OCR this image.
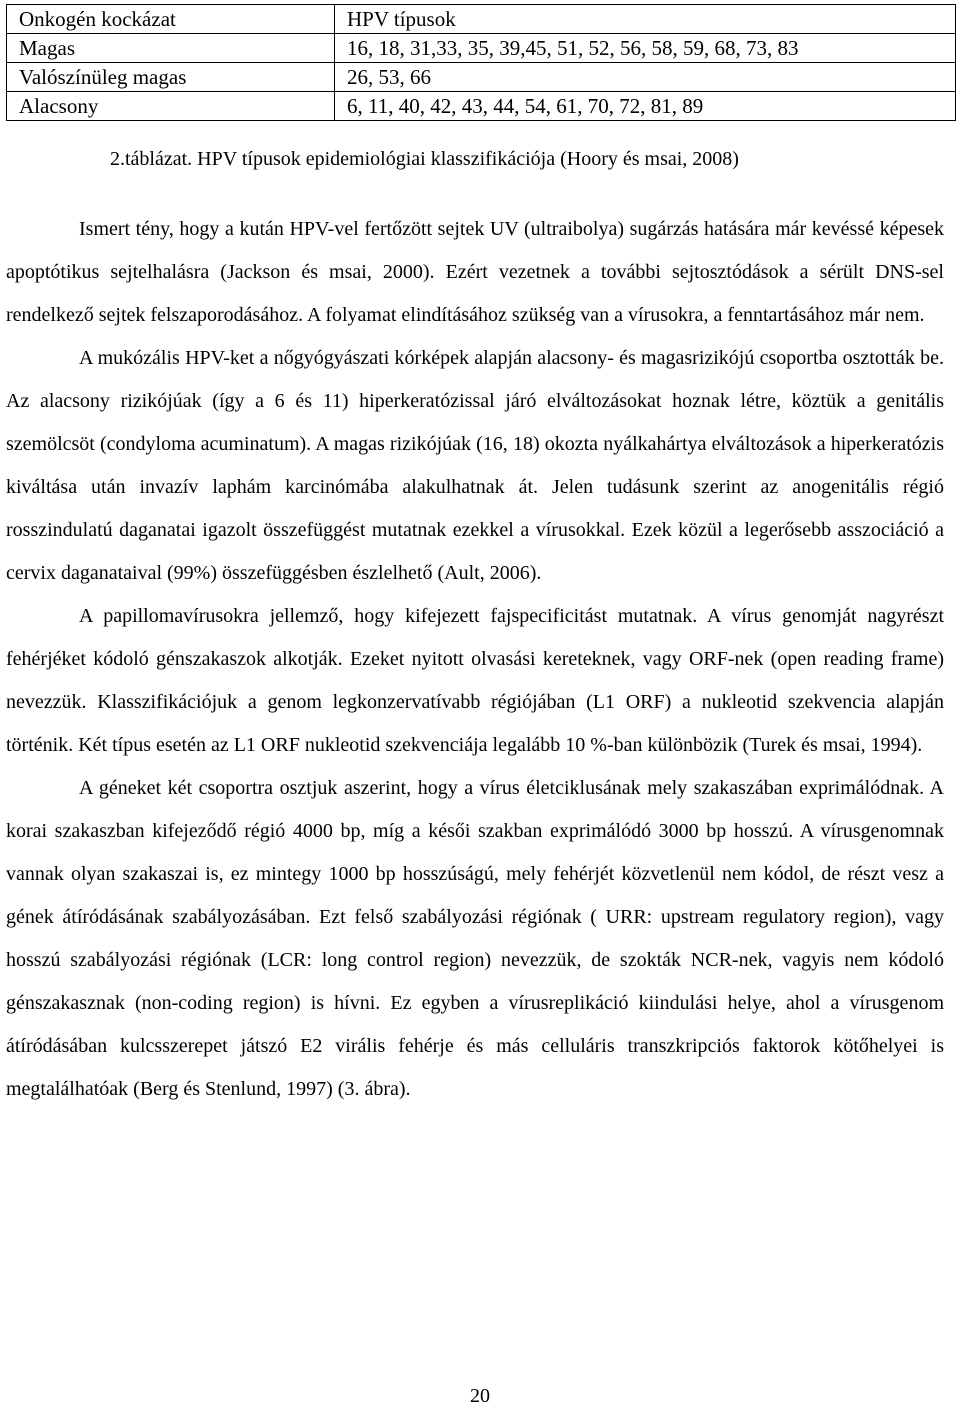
Onkogén kockázat	HPV típusok
Magas	16, 18, 31,33, 35, 39,45, 51, 52, 56, 58, 59, 68, 73, 83
Valószínüleg magas	26, 53, 66
Alacsony	6, 11, 40, 42, 43, 44, 54, 61, 70, 72, 81, 89
2.táblázat. HPV típusok epidemiológiai klasszifikációja (Hoory és msai, 2008)

Ismert tény, hogy a kután HPV-vel fertőzött sejtek UV (ultraibolya) sugárzás hatására már kevéssé képesek apoptótikus sejtelhalásra (Jackson és msai, 2000). Ezért vezetnek a további sejtosztódások a sérült DNS-sel rendelkező sejtek felszaporodásához. A folyamat elindításához szükség van a vírusokra, a fenntartásához már nem.

A mukózális HPV-ket a nőgyógyászati kórképek alapján alacsony- és magasrizikójú csoportba osztották be. Az alacsony rizikójúak (így a 6 és 11) hiperkeratózissal járó elváltozásokat hoznak létre, köztük a genitális szemölcsöt (condyloma acuminatum). A magas rizikójúak (16, 18) okozta nyálkahártya elváltozások a hiperkeratózis kiváltása után invazív laphám karcinómába alakulhatnak át. Jelen tudásunk szerint az anogenitális régió rosszindulatú daganatai igazolt összefüggést mutatnak ezekkel a vírusokkal. Ezek közül a legerősebb asszociáció a cervix daganataival (99%) összefüggésben észlelhető (Ault, 2006).

A papillomavírusokra jellemző, hogy kifejezett fajspecificitást mutatnak. A vírus genomját nagyrészt fehérjéket kódoló génszakaszok alkotják. Ezeket nyitott olvasási kereteknek, vagy ORF-nek (open reading frame) nevezzük. Klasszifikációjuk a genom legkonzervatívabb régiójában (L1 ORF) a nukleotid szekvencia alapján történik. Két típus esetén az L1 ORF nukleotid szekvenciája legalább 10 %-ban különbözik (Turek és msai, 1994).

A géneket két csoportra osztjuk aszerint, hogy a vírus életciklusának mely szakaszában exprimálódnak. A korai szakaszban kifejeződő régió 4000 bp, míg a késői szakban exprimálódó 3000 bp hosszú. A vírusgenomnak vannak olyan szakaszai is, ez mintegy 1000 bp hosszúságú, mely fehérjét közvetlenül nem kódol, de részt vesz a gének átíródásának szabályozásában. Ezt felső szabályozási régiónak ( URR: upstream regulatory region), vagy hosszú szabályozási régiónak (LCR: long control region) nevezzük, de szokták NCR-nek, vagyis nem kódoló génszakasznak (non-coding region) is hívni. Ez egyben a vírusreplikáció kiindulási helye, ahol a vírusgenom átíródásában kulcsszerepet játszó E2 virális fehérje és más celluláris transzkripciós faktorok kötőhelyei is megtalálhatóak (Berg és Stenlund, 1997) (3. ábra).

20
